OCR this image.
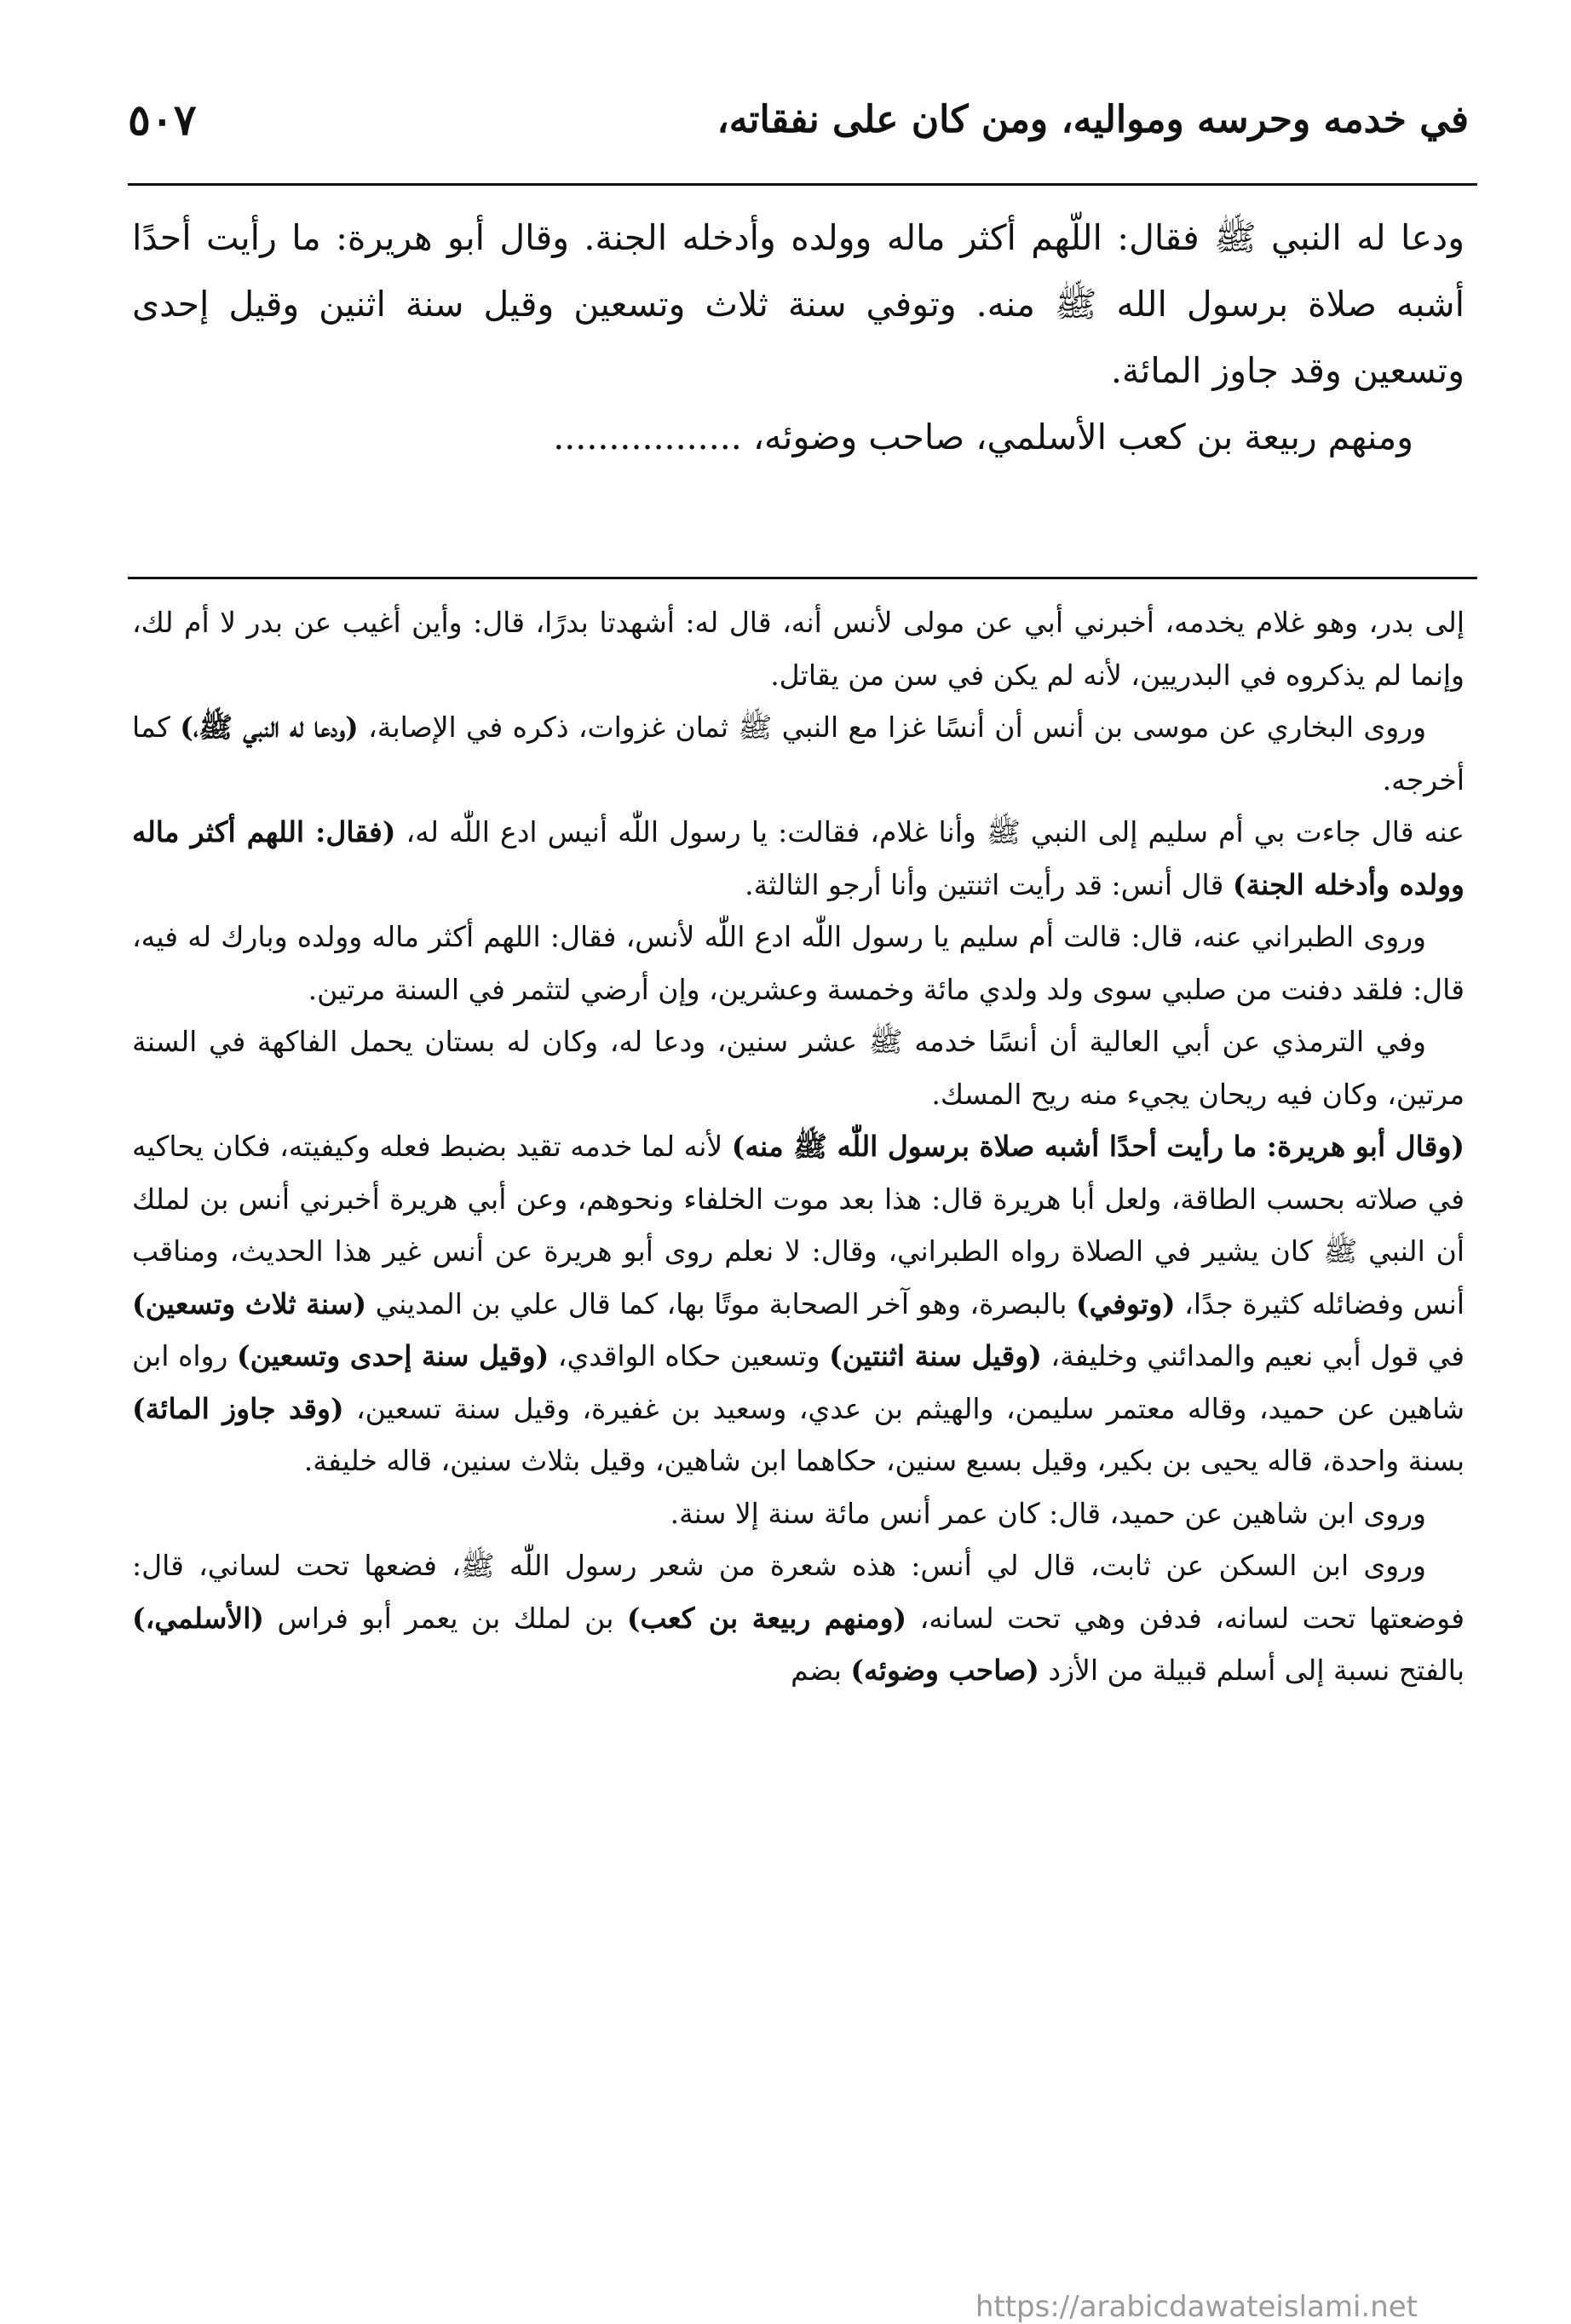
في خدمه وحرسه ومواليه، ومن كان على نفقاته،
٥٠٧

ودعا له النبي ﷺ فقال: اللّهم أكثر ماله وولده وأدخله الجنة. وقال أبو هريرة: ما رأيت أحدًا أشبه صلاة برسول الله ﷺ منه. وتوفي سنة ثلاث وتسعين وقيل سنة اثنين وقيل إحدى وتسعين وقد جاوز المائة.

ومنهم ربيعة بن كعب الأسلمي، صاحب وضوئه، .................

إلى بدر، وهو غلام يخدمه، أخبرني أبي عن مولى لأنس أنه، قال له: أشهدتا بدرًا، قال: وأين أغيب عن بدر لا أم لك، وإنما لم يذكروه في البدريين، لأنه لم يكن في سن من يقاتل.

وروى البخاري عن موسى بن أنس أن أنسًا غزا مع النبي ﷺ ثمان غزوات، ذكره في الإصابة، (ودعا له النبي ﷺ،) كما أخرجه.

عنه قال جاءت بي أم سليم إلى النبي ﷺ وأنا غلام، فقالت: يا رسول اللّٰه أنيس ادع اللّٰه له، (فقال: اللهم أكثر ماله وولده وأدخله الجنة) قال أنس: قد رأيت اثنتين وأنا أرجو الثالثة.

وروى الطبراني عنه، قال: قالت أم سليم يا رسول اللّٰه ادع اللّٰه لأنس، فقال: اللهم أكثر ماله وولده وبارك له فيه، قال: فلقد دفنت من صلبي سوى ولد ولدي مائة وخمسة وعشرين، وإن أرضي لتثمر في السنة مرتين.

وفي الترمذي عن أبي العالية أن أنسًا خدمه ﷺ عشر سنين، ودعا له، وكان له بستان يحمل الفاكهة في السنة مرتين، وكان فيه ريحان يجيء منه ريح المسك.

(وقال أبو هريرة: ما رأيت أحدًا أشبه صلاة برسول اللّٰه ﷺ منه) لأنه لما خدمه تقيد بضبط فعله وكيفيته، فكان يحاكيه في صلاته بحسب الطاقة، ولعل أبا هريرة قال: هذا بعد موت الخلفاء ونحوهم، وعن أبي هريرة أخبرني أنس بن لملك أن النبي ﷺ كان يشير في الصلاة رواه الطبراني، وقال: لا نعلم روى أبو هريرة عن أنس غير هذا الحديث، ومناقب أنس وفضائله كثيرة جدًا، (وتوفي) بالبصرة، وهو آخر الصحابة موتًا بها، كما قال علي بن المديني (سنة ثلاث وتسعين) في قول أبي نعيم والمدائني وخليفة، (وقيل سنة اثنتين) وتسعين حكاه الواقدي، (وقيل سنة إحدى وتسعين) رواه ابن شاهين عن حميد، وقاله معتمر سليمن، والهيثم بن عدي، وسعيد بن غفيرة، وقيل سنة تسعين، (وقد جاوز المائة) بسنة واحدة، قاله يحيى بن بكير، وقيل بسبع سنين، حكاهما ابن شاهين، وقيل بثلاث سنين، قاله خليفة.

وروى ابن شاهين عن حميد، قال: كان عمر أنس مائة سنة إلا سنة.

وروى ابن السكن عن ثابت، قال لي أنس: هذه شعرة من شعر رسول اللّٰه ﷺ، فضعها تحت لساني، قال: فوضعتها تحت لسانه، فدفن وهي تحت لسانه، (ومنهم ربيعة بن كعب) بن لملك بن يعمر أبو فراس (الأسلمي،) بالفتح نسبة إلى أسلم قبيلة من الأزد (صاحب وضوئه) بضم

https://arabicdawateislami.net
